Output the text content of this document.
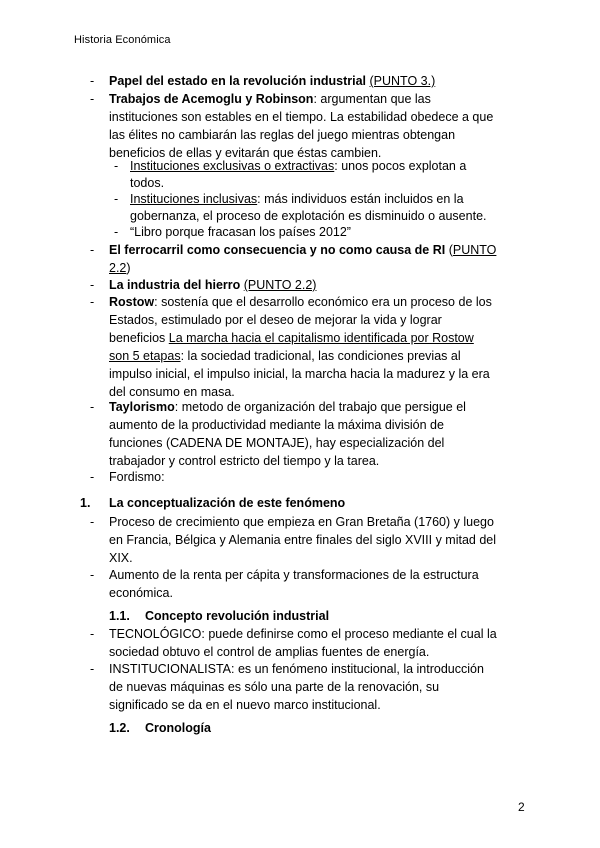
Historia Económica
- Papel del estado en la revolución industrial (PUNTO 3.)
- Trabajos de Acemoglu y Robinson: argumentan que las
instituciones son estables en el tiempo. La estabilidad obedece a que
las élites no cambiarán las reglas del juego mientras obtengan
beneficios de ellas y evitarán que éstas cambien.
- Instituciones exclusivas o extractivas: unos pocos explotan a
todos.
- Instituciones inclusivas: más individuos están incluidos en la
gobernanza, el proceso de explotación es disminuido o ausente.
- “Libro porque fracasan los países 2012”
- El ferrocarril como consecuencia y no como causa de RI (PUNTO
2.2)
- La industria del hierro (PUNTO 2.2)
- Rostow: sostenía que el desarrollo económico era un proceso de los
Estados, estimulado por el deseo de mejorar la vida y lograr
beneficios La marcha hacia el capitalismo identificada por Rostow
son 5 etapas: la sociedad tradicional, las condiciones previas al
impulso inicial, el impulso inicial, la marcha hacia la madurez y la era
del consumo en masa.
- Taylorismo: metodo de organización del trabajo que persigue el
aumento de la productividad mediante la máxima división de
funciones (CADENA DE MONTAJE), hay especialización del
trabajador y control estricto del tiempo y la tarea.
- Fordismo:
1. La conceptualización de este fenómeno
- Proceso de crecimiento que empieza en Gran Bretaña (1760) y luego
en Francia, Bélgica y Alemania entre finales del siglo XVIII y mitad del
XIX.
- Aumento de la renta per cápita y transformaciones de la estructura
económica.
1.1. Concepto revolución industrial
- TECNOLÓGICO: puede definirse como el proceso mediante el cual la
sociedad obtuvo el control de amplias fuentes de energía.
- INSTITUCIONALISTA: es un fenómeno institucional, la introducción
de nuevas máquinas es sólo una parte de la renovación, su
significado se da en el nuevo marco institucional.
1.2. Cronología
2
